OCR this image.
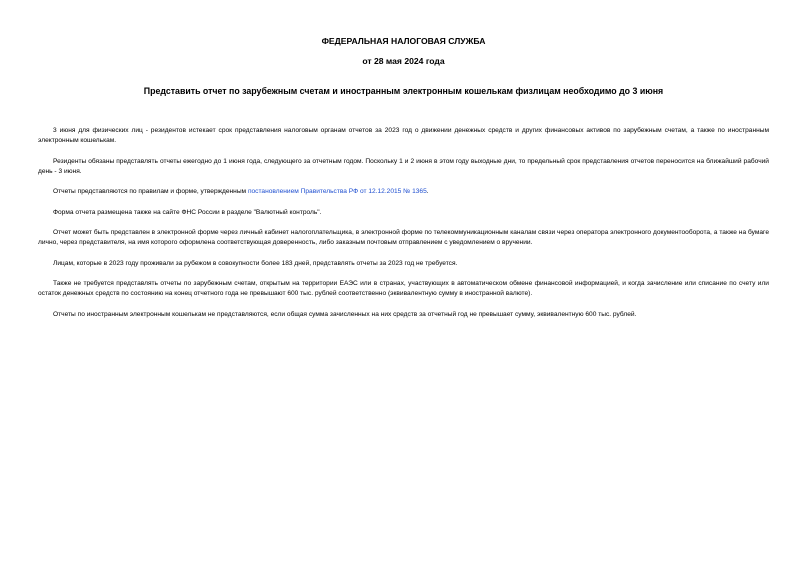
ФЕДЕРАЛЬНАЯ НАЛОГОВАЯ СЛУЖБА

от 28 мая 2024 года

Представить отчет по зарубежным счетам и иностранным электронным кошелькам физлицам необходимо до 3 июня

3 июня для физических лиц - резидентов истекает срок представления налоговым органам отчетов за 2023 год о движении денежных средств и других финансовых активов по зарубежным счетам, а также по иностранным электронным кошелькам.

Резиденты обязаны представлять отчеты ежегодно до 1 июня года, следующего за отчетным годом. Поскольку 1 и 2 июня в этом году выходные дни, то предельный срок представления отчетов переносится на ближайший рабочий день - 3 июня.

Отчеты представляются по правилам и форме, утвержденным постановлением Правительства РФ от 12.12.2015 № 1365.

Форма отчета размещена также на сайте ФНС России в разделе "Валютный контроль".

Отчет может быть представлен в электронной форме через личный кабинет налогоплательщика, в электронной форме по телекоммуникационным каналам связи через оператора электронного документооборота, а также на бумаге лично, через представителя, на имя которого оформлена соответствующая доверенность, либо заказным почтовым отправлением с уведомлением о вручении.

Лицам, которые в 2023 году проживали за рубежом в совокупности более 183 дней, представлять отчеты за 2023 год не требуется.

Также не требуется представлять отчеты по зарубежным счетам, открытым на территории ЕАЭС или в странах, участвующих в автоматическом обмене финансовой информацией, и когда зачисление или списание по счету или остаток денежных средств по состоянию на конец отчетного года не превышают 600 тыс. рублей соответственно (эквивалентную сумму в иностранной валюте).

Отчеты по иностранным электронным кошелькам не представляются, если общая сумма зачисленных на них средств за отчетный год не превышает сумму, эквивалентную 600 тыс. рублей.
